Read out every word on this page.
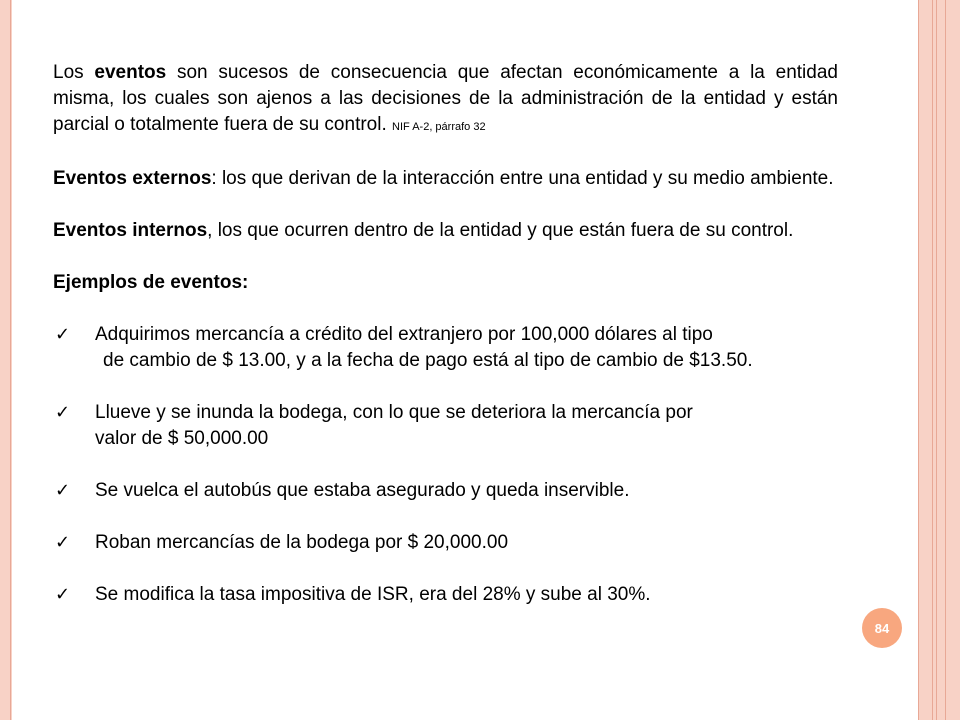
Los eventos son sucesos de consecuencia que afectan económicamente a la entidad misma, los cuales son ajenos a las decisiones de la administración de la entidad y están parcial o totalmente fuera de su control. NIF A-2, párrafo 32

Eventos externos: los que derivan de la interacción entre una entidad y su medio ambiente.

Eventos internos, los que ocurren dentro de la entidad y que están fuera de su control.

Ejemplos de eventos:

✓ Adquirimos mercancía a crédito del extranjero por 100,000 dólares al tipo

de cambio de $ 13.00, y a la fecha de pago está al tipo de cambio de $13.50.

✓ Llueve y se inunda la bodega, con lo que se deteriora la mercancía por

valor de $ 50,000.00

✓ Se vuelca el autobús que estaba asegurado y queda inservible.

✓ Roban mercancías de la bodega por $ 20,000.00

✓ Se modifica la tasa impositiva de ISR, era del 28% y sube al 30%.

84
